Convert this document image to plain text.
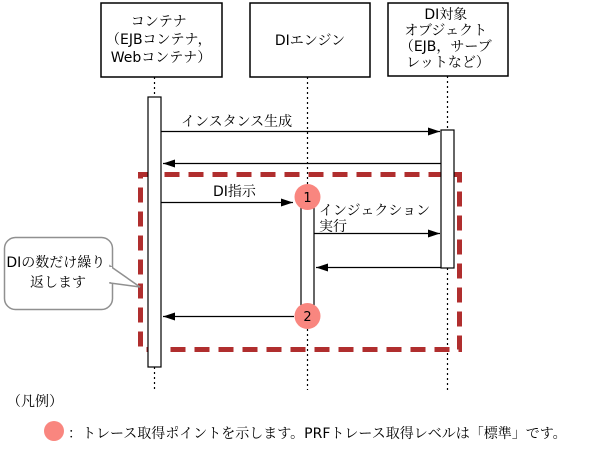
コンテナ （EJBコンテナ， Webコンテナ）
DIエンジン
DI対象 オブジェクト （EJB，サーブ レットなど）
インスタンス生成
DI指示
インジェクション 実行
DIの数だけ繰り 返します
1
2
（凡例）
：トレース取得ポイントを示します。PRFトレース取得レベルは「標準」です。
